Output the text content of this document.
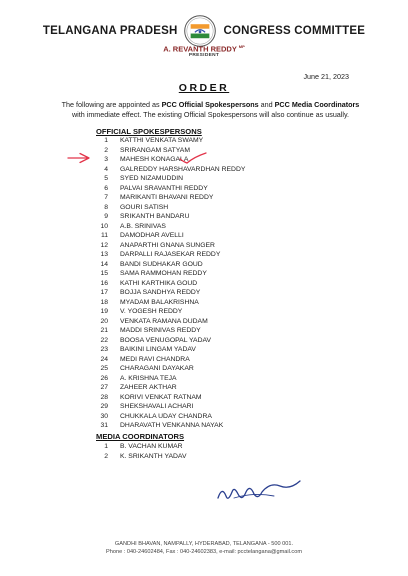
TELANGANA PRADESH	CONGRESS COMMITTEE
A. REVANTH REDDY $^{MP}$
PRESIDENT
June 21, 2023
ORDER
The following are appointed as PCC Official Spokespersons and PCC Media Coordinators with immediate effect. The existing Official Spokespersons will also continue as usually.
OFFICIAL SPOKESPERSONS
1 KATTHI VENKATA SWAMY
2 SRIRANGAM SATYAM
3 MAHESH KONAGALA
4 GALREDDY HARSHAVARDHAN REDDY
5 SYED NIZAMUDDIN
6 PALVAI SRAVANTHI REDDY
7 MARIKANTI BHAVANI REDDY
8 GOURI SATISH
9 SRIKANTH BANDARU
10 A.B. SRINIVAS
11 DAMODHAR AVELLI
12 ANAPARTHI GNANA SUNGER
13 DARPALLI RAJASEKAR REDDY
14 BANDI SUDHAKAR GOUD
15 SAMA RAMMOHAN REDDY
16 KATHI KARTHIKA GOUD
17 BOJJA SANDHYA REDDY
18 MYADAM BALAKRISHNA
19 V. YOGESH REDDY
20 VENKATA RAMANA DUDAM
21 MADDI SRINIVAS REDDY
22 BOOSA VENUGOPAL YADAV
23 BAIKINI LINGAM YADAV
24 MEDI RAVI CHANDRA
25 CHARAGANI DAYAKAR
26 A. KRISHNA TEJA
27 ZAHEER AKTHAR
28 KORIVI VENKAT RATNAM
29 SHEKSHAVALI ACHARI
30 CHUKKALA UDAY CHANDRA
31 DHARAVATH VENKANNA NAYAK
MEDIA COORDINATORS
1 B. VACHAN KUMAR
2 K. SRIKANTH YADAV
GANDHI BHAVAN, NAMPALLY, HYDERABAD, TELANGANA - 500 001.
Phone : 040-24602484, Fax : 040-24602383, e-mail: pcctelangana@gmail.com
